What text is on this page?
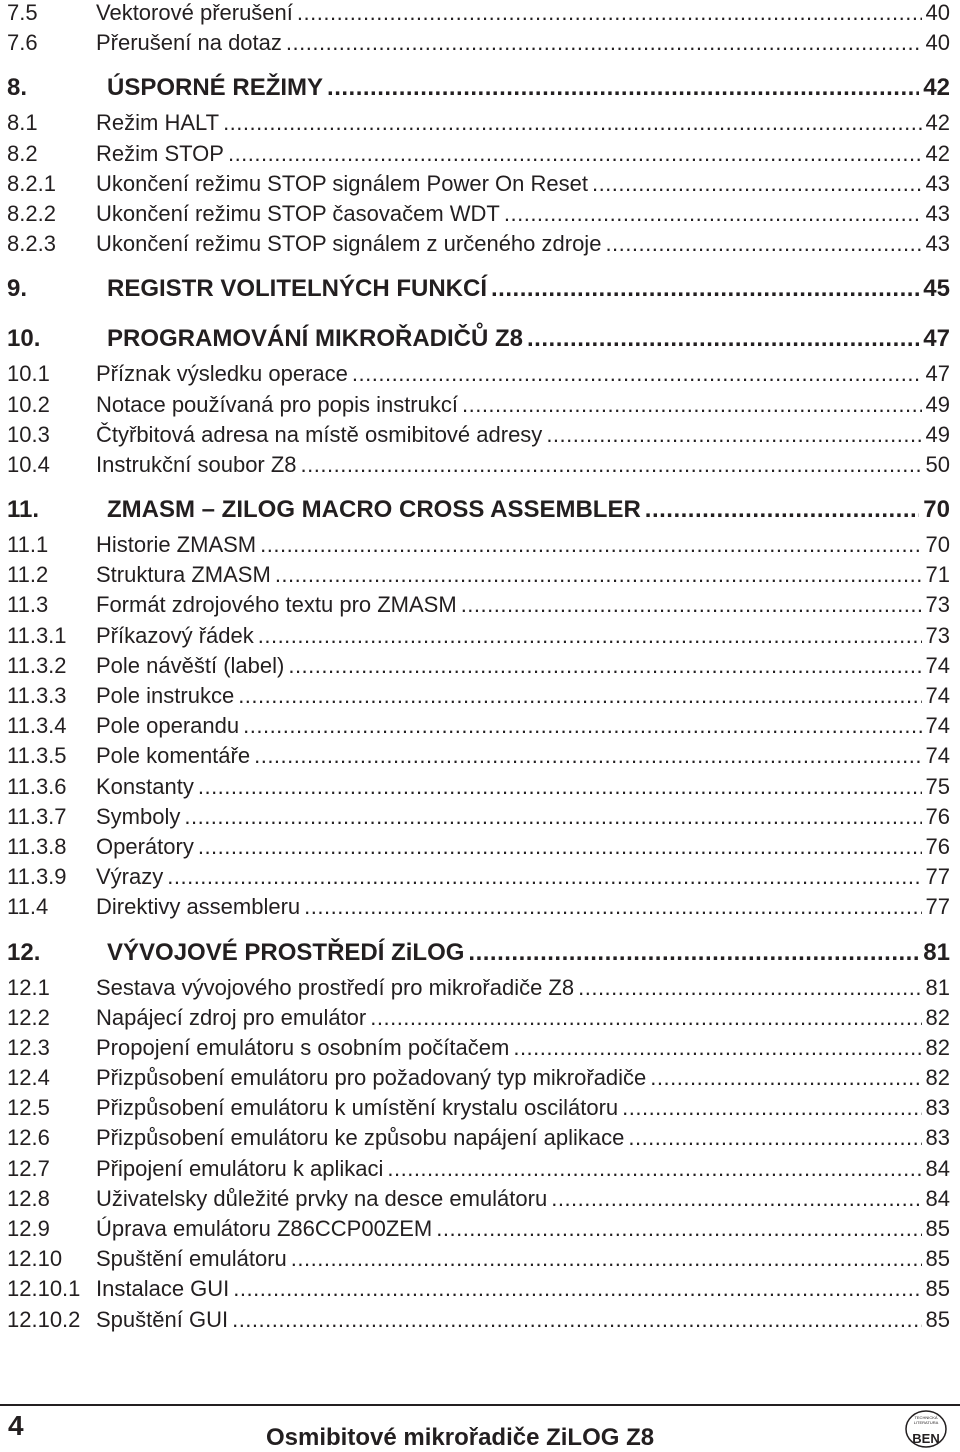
7.5	Vektorové přerušení .....	40
7.6	Přerušení na dotaz .....	40
8.	ÚSPORNÉ REŽIMY .....	42
8.1	Režim HALT .....	42
8.2	Režim STOP .....	42
8.2.1	Ukončení režimu STOP signálem Power On Reset .....	43
8.2.2	Ukončení režimu STOP časovačem WDT .....	43
8.2.3	Ukončení režimu STOP signálem z určeného zdroje .....	43
9.	REGISTR VOLITELNÝCH FUNKCÍ .....	45
10.	PROGRAMOVÁNÍ MIKROŘADIČŮ Z8 .....	47
10.1	Příznak výsledku operace .....	47
10.2	Notace používaná pro popis instrukcí .....	49
10.3	Čtyřbitová adresa na místě osmibitové adresy .....	49
10.4	Instrukční soubor Z8 .....	50
11.	ZMASM – ZILOG MACRO CROSS ASSEMBLER .....	70
11.1	Historie ZMASM .....	70
11.2	Struktura ZMASM .....	71
11.3	Formát zdrojového textu pro ZMASM .....	73
11.3.1	Příkazový řádek .....	73
11.3.2	Pole návěští (label) .....	74
11.3.3	Pole instrukce .....	74
11.3.4	Pole operandu .....	74
11.3.5	Pole komentáře .....	74
11.3.6	Konstanty .....	75
11.3.7	Symboly .....	76
11.3.8	Operátory .....	76
11.3.9	Výrazy .....	77
11.4	Direktivy assembleru .....	77
12.	VÝVOJOVÉ PROSTŘEDÍ ZiLOG .....	81
12.1	Sestava vývojového prostředí pro mikrořadiče Z8 .....	81
12.2	Napájecí zdroj pro emulátor .....	82
12.3	Propojení emulátoru s osobním počítačem .....	82
12.4	Přizpůsobení emulátoru pro požadovaný typ mikrořadiče .....	82
12.5	Přizpůsobení emulátoru k umístění krystalu oscilátoru .....	83
12.6	Přizpůsobení emulátoru ke způsobu napájení aplikace .....	83
12.7	Připojení emulátoru k aplikaci .....	84
12.8	Uživatelsky důležité prvky na desce emulátoru .....	84
12.9	Úprava emulátoru Z86CCP00ZEM .....	85
12.10	Spuštění emulátoru .....	85
12.10.1 Instalace GUI .....	85
12.10.2 Spuštění GUI .....	85
4	Osmibitové mikrořadiče ZiLOG Z8
TECHNICKÁ
LITERATURA
BEN
